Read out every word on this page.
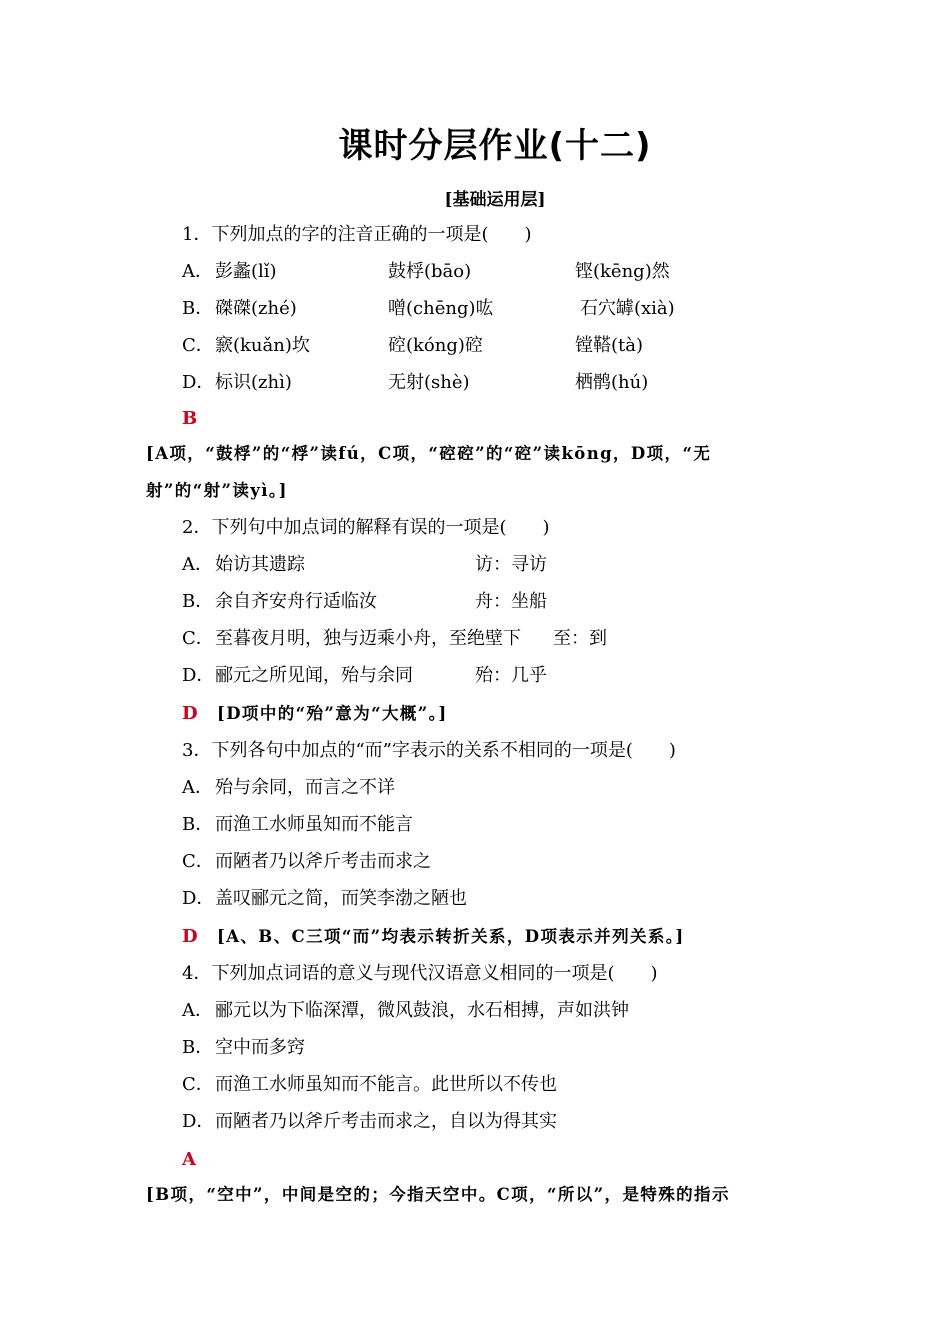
课时分层作业(十二)
[基础运用层]
1．下列加点的字的注音正确的一项是(　　)
A． 彭蠡(lǐ)	鼓桴(bāo)	铿(kēng)然
B． 磔磔(zhé)	噌(chēng)吰	石穴罅(xià)
C． 窾(kuǎn)坎	硿(kóng)硿	镗鞳(tà)
D． 标识(zhì)	无射(shè)	栖鹘(hú)
B
[A项，“鼓桴”的“桴”读fú，C项，“硿硿”的“硿”读kōng，D项，“无
射”的“射”读yì。]
2．下列句中加点词的解释有误的一项是(　　)
A． 始访其遗踪	访：寻访
B． 余自齐安舟行适临汝	舟：坐船
C． 至暮夜月明，独与迈乘小舟，至绝壁下 至：到
D． 郦元之所见闻，殆与余同	殆：几乎
D [D项中的“殆”意为“大概”。]
3．下列各句中加点的“而”字表示的关系不相同的一项是(　　)
A． 殆与余同，而言之不详
B． 而渔工水师虽知而不能言
C． 而陋者乃以斧斤考击而求之
D． 盖叹郦元之简，而笑李渤之陋也
D [A、B、C三项“而”均表示转折关系，D项表示并列关系。]
4．下列加点词语的意义与现代汉语意义相同的一项是(　　)
A． 郦元以为下临深潭，微风鼓浪，水石相搏，声如洪钟
B． 空中而多窍
C． 而渔工水师虽知而不能言。此世所以不传也
D． 而陋者乃以斧斤考击而求之，自以为得其实
A
[B项，“空中”，中间是空的；今指天空中。C项，“所以”，是特殊的指示
